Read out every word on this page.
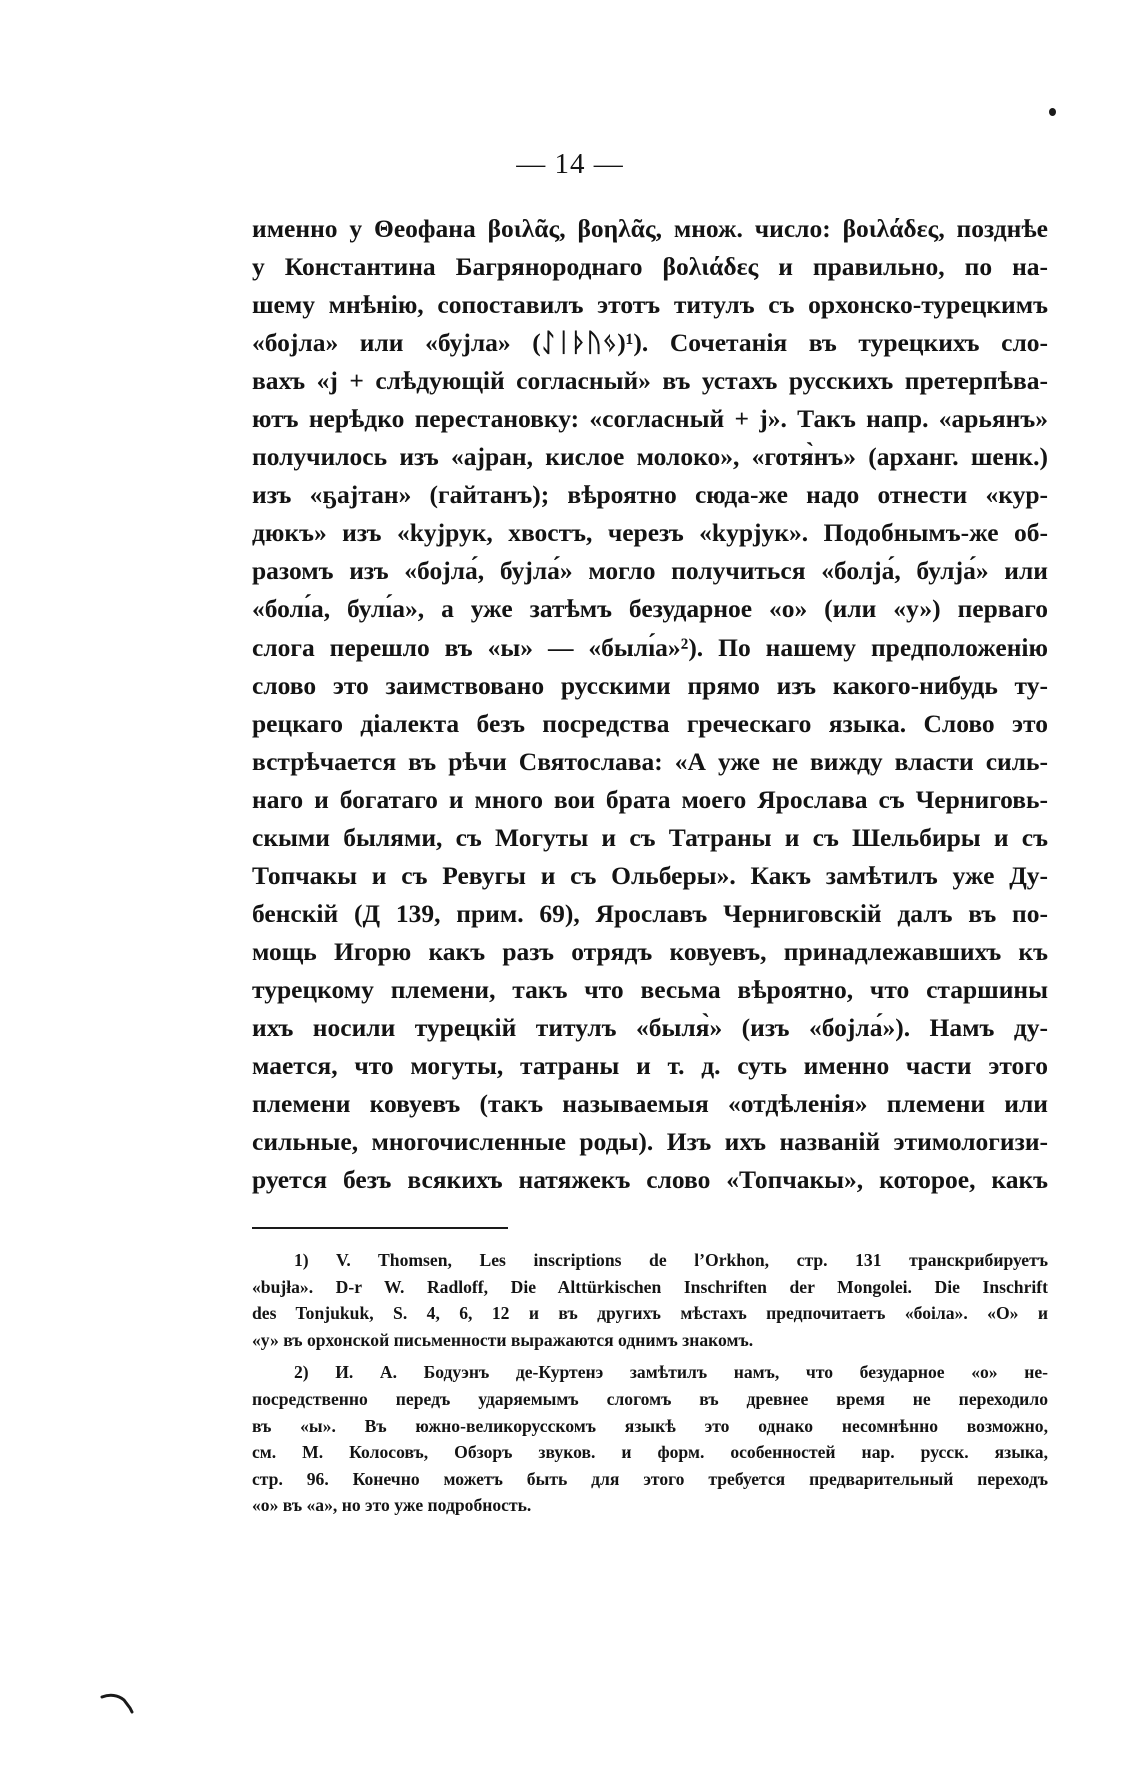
— 14 —
именно у Θеофана βοιλᾶς, βοηλᾶς, множ. число: βοιλάδες, позднѣе
у Константина Багрянороднаго βολιάδες и правильно, по на-
шему мнѣнію, сопоставилъ этотъ титулъ съ орхонско-турецкимъ
«бојла» или «бујла» (ᛇᛁᚦᚢᛃ)¹). Сочетанія въ турецкихъ сло-
вахъ «ј + слѣдующій согласный» въ устахъ русскихъ претерпѣва-
ютъ нерѣдко перестановку: «согласный + ј». Такъ напр. «арьянъ»
получилось изъ «ајран, кислое молоко», «готя̀нъ» (арханг. шенк.)
изъ «ҕајтан» (гайтанъ); вѣроятно сюда-же надо отнести «кур-
дюкъ» изъ «kујрук, хвостъ, черезъ «kурјук». Подобнымъ-же об-
разомъ изъ «бојла́, бујла́» могло получиться «болја́, булја́» или
«болı́а, булı́а», а уже затѣмъ безударное «о» (или «у») перваго
слога перешло въ «ы» — «былı́а»²). По нашему предположенію
слово это заимствовано русскими прямо изъ какого-нибудь ту-
рецкаго діалекта безъ посредства греческаго языка. Слово это
встрѣчается въ рѣчи Святослава: «А уже не вижду власти силь-
наго и богатаго и много вои брата моего Ярослава съ Черниговь-
скыми былями, съ Могуты и съ Татраны и съ Шельбиры и съ
Топчакы и съ Ревугы и съ Ольберы». Какъ замѣтилъ уже Ду-
бенскій (Д 139, прим. 69), Ярославъ Черниговскій далъ въ по-
мощь Игорю какъ разъ отрядъ ковуевъ, принадлежавшихъ къ
турецкому племени, такъ что весьма вѣроятно, что старшины
ихъ носили турецкій титулъ «быля̀» (изъ «бојла́»). Намъ ду-
мается, что могуты, татраны и т. д. суть именно части этого
племени ковуевъ (такъ называемыя «отдѣленія» племени или
сильные, многочисленные роды). Изъ ихъ названій этимологизи-
руется безъ всякихъ натяжекъ слово «Топчакы», которое, какъ
1) V. Thomsen, Les inscriptions de l’Orkhon, стр. 131 транскрибируетъ
«bujła». D-r W. Radloff, Die Alttürkischen Inschriften der Mongolei. Die Inschrift
des Tonjukuk, S. 4, 6, 12 и въ другихъ мѣстахъ предпочитаетъ «боіла». «О» и
«у» въ орхонской письменности выражаются однимъ знакомъ.
2) И. А. Бодуэнъ де-Куртенэ замѣтилъ намъ, что безударное «о» не-
посредственно передъ ударяемымъ слогомъ въ древнее время не переходило
въ «ы». Въ южно-великорусскомъ языкѣ это однако несомнѣнно возможно,
см. М. Колосовъ, Обзоръ звуков. и форм. особенностей нар. русск. языка,
стр. 96. Конечно можетъ быть для этого требуется предварительный переходъ
«о» въ «а», но это уже подробность.
